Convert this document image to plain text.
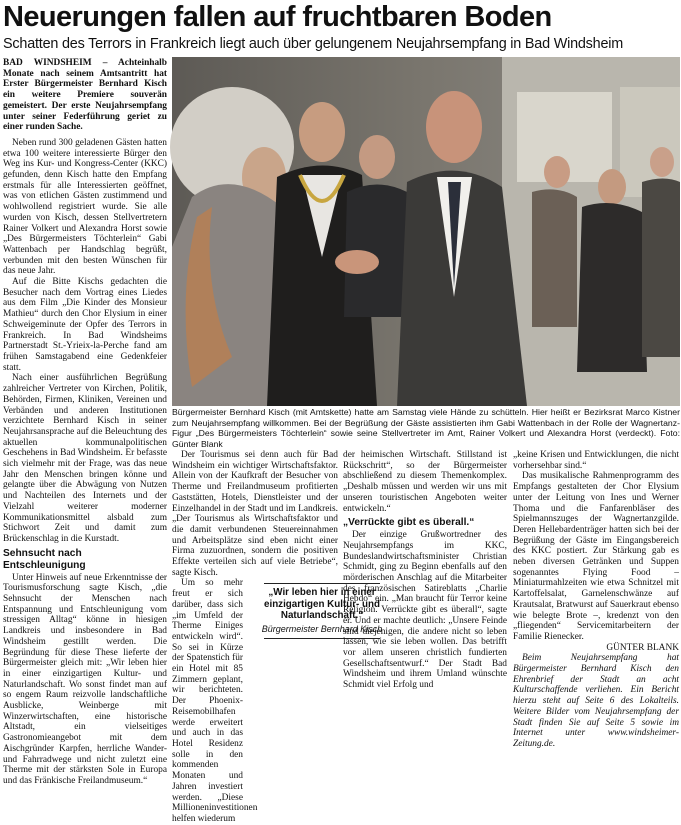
Neuerungen fallen auf fruchtbaren Boden
Schatten des Terrors in Frankreich liegt auch über gelungenem Neujahrsempfang in Bad Windsheim

BAD WINDSHEIM – Achteinhalb Monate nach seinem Amtsantritt hat Erster Bürgermeister Bernhard Kisch ein weitere Premiere souverän gemeistert. Der erste Neujahrsempfang unter seiner Federführung geriet zu einer runden Sache.

Neben rund 300 geladenen Gästen hatten etwa 100 weitere interessierte Bürger den Weg ins Kur- und Kongress-Center (KKC) gefunden, denn Kisch hatte den Empfang erstmals für alle Interessierten geöffnet, was von etlichen Gästen zustimmend und wohlwollend registriert wurde. Sie alle wurden von Kisch, dessen Stellvertretern Rainer Volkert und Alexandra Horst sowie „Des Bürgermeisters Töchterlein“ Gabi Wattenbach per Handschlag begrüßt, verbunden mit den besten Wünschen für das neue Jahr.

Auf die Bitte Kischs gedachten die Besucher nach dem Vortrag eines Liedes aus dem Film „Die Kinder des Monsieur Mathieu“ durch den Chor Elysium in einer Schweigeminute der Opfer des Terrors in Frankreich. In Bad Windsheims Partnerstadt St.-Yrieix-la-Perche fand am frühen Samstagabend eine Gedenkfeier statt.

Nach einer ausführlichen Begrüßung zahlreicher Vertreter von Kirchen, Politik, Behörden, Firmen, Kliniken, Vereinen und Verbänden und anderen Institutionen verzichtete Bernhard Kisch in seiner Neujahrsansprache auf die Beleuchtung des aktuellen kommunalpolitischen Geschehens in Bad Windsheim. Er befasste sich vielmehr mit der Frage, was das neue Jahr den Menschen bringen könne und gelangte über die Abwägung von Nutzen und Nachteilen des Internets und der Vielzahl weiterer moderner Kommunikationsmittel alsbald zum Stichwort Zeit und damit zum Brückenschlag in die Kurstadt.

Sehnsucht nach Entschleunigung

Unter Hinweis auf neue Erkenntnisse der Tourismusforschung sagte Kisch, „die Sehnsucht der Menschen nach Entspannung und Entschleunigung vom stressigen Alltag“ könne in hiesigen Landkreis und insbesondere in Bad Windsheim gestillt werden. Die Begründung für diese These lieferte der Bürgermeister gleich mit: „Wir leben hier in einer einzigartigen Kultur- und Naturlandschaft. Wo sonst findet man auf so engem Raum reizvolle landschaftliche Ausblicke, Weinberge mit Winzerwirtschaften, eine historische Altstadt, ein vielseitiges Gastronomieangebot mit dem Aischgründer Karpfen, herrliche Wander- und Fahrradwege und nicht zuletzt eine Therme mit der stärksten Sole in Europa und das Fränkische Freilandmuseum.“

Bürgermeister Bernhard Kisch (mit Amtskette) hatte am Samstag viele Hände zu schütteln. Hier heißt er Bezirksrat Marco Kistner zum Neujahrsempfang willkommen. Bei der Begrüßung der Gäste assistierten ihm Gabi Wattenbach in der Rolle der Wagnertanz-Figur „Des Bürgermeisters Töchterlein“ sowie seine Stellvertreter im Amt, Rainer Volkert und Alexandra Horst (verdeckt). Foto: Günter Blank

Der Tourismus sei denn auch für Bad Windsheim ein wichtiger Wirtschaftsfaktor. Allein von der Kaufkraft der Besucher von Therme und Freilandmuseum profitierten Gaststätten, Hotels, Dienstleister und der Einzelhandel in der Stadt und im Landkreis. „Der Tourismus als Wirtschaftsfaktor und die damit verbundenen Steuereinnahmen und Arbeitsplätze sind eben nicht einer Firma zuzuordnen, sondern die positiven Effekte verteilen sich auf viele Betriebe“, sagte Kisch.

Um so mehr freut er sich darüber, dass sich „im Umfeld der Therme Einiges entwickeln wird“. So sei in Kürze der Spatenstich für ein Hotel mit 85 Zimmern geplant, wir berichteten. Der Phoenix-Reisemobilhafen werde erweitert und auch in das Hotel Residenz solle in den kommenden Monaten und Jahren investiert werden. „Diese Millioneninvestitionen helfen wiederum

„Wir leben hier in einer einzigartigen Kultur- und Naturlandschaft.“
Bürgermeister Bernhard Kisch

der heimischen Wirtschaft. Stillstand ist Rückschritt“, so der Bürgermeister abschließend zu diesem Themenkomplex. „Deshalb müssen und werden wir uns mit unseren touristischen Angeboten weiter entwickeln.“

„Verrückte gibt es überall.“

Der einzige Grußwortredner des Neujahrsempfangs im KKC, Bundeslandwirtschaftsminister Christian Schmidt, ging zu Beginn ebenfalls auf den mörderischen Anschlag auf die Mitarbeiter des französischen Satireblatts „Charlie Hebdo“ ein. „Man braucht für Terror keine Religion. Verrückte gibt es überall“, sagte er. Und er machte deutlich: „Unsere Feinde sind diejenigen, die andere nicht so leben lassen, wie sie leben wollen. Das betrifft vor allem unseren christlich fundierten Gesellschaftsentwurf.“ Der Stadt Bad Windsheim und ihrem Umland wünschte Schmidt viel Erfolg und

„keine Krisen und Entwicklungen, die nicht vorhersehbar sind.“

Das musikalische Rahmenprogramm des Empfangs gestalteten der Chor Elysium unter der Leitung von Ines und Werner Thoma und die Fanfarenbläser des Spielmannszuges der Wagnertanzgilde. Deren Hellebardenträger hatten sich bei der Begrüßung der Gäste im Eingangsbereich des KKC postiert. Zur Stärkung gab es neben diversen Getränken und Suppen sogenanntes Flying Food – Miniaturmahlzeiten wie etwa Schnitzel mit Kartoffelsalat, Garnelenschwänze auf Krautsalat, Bratwurst auf Sauerkraut ebenso wie belegte Brote –, kredenzt von den „fliegenden“ Servicemitarbeitern der Familie Rienecker.

GÜNTER BLANK

Beim Neujahrsempfang hat Bürgermeister Bernhard Kisch den Ehrenbrief der Stadt an acht Kulturschaffende verliehen. Ein Bericht hierzu steht auf Seite 6 des Lokalteils. Weitere Bilder vom Neujahrsempfang der Stadt finden Sie auf Seite 5 sowie im Internet unter www.windsheimer-Zeitung.de.
